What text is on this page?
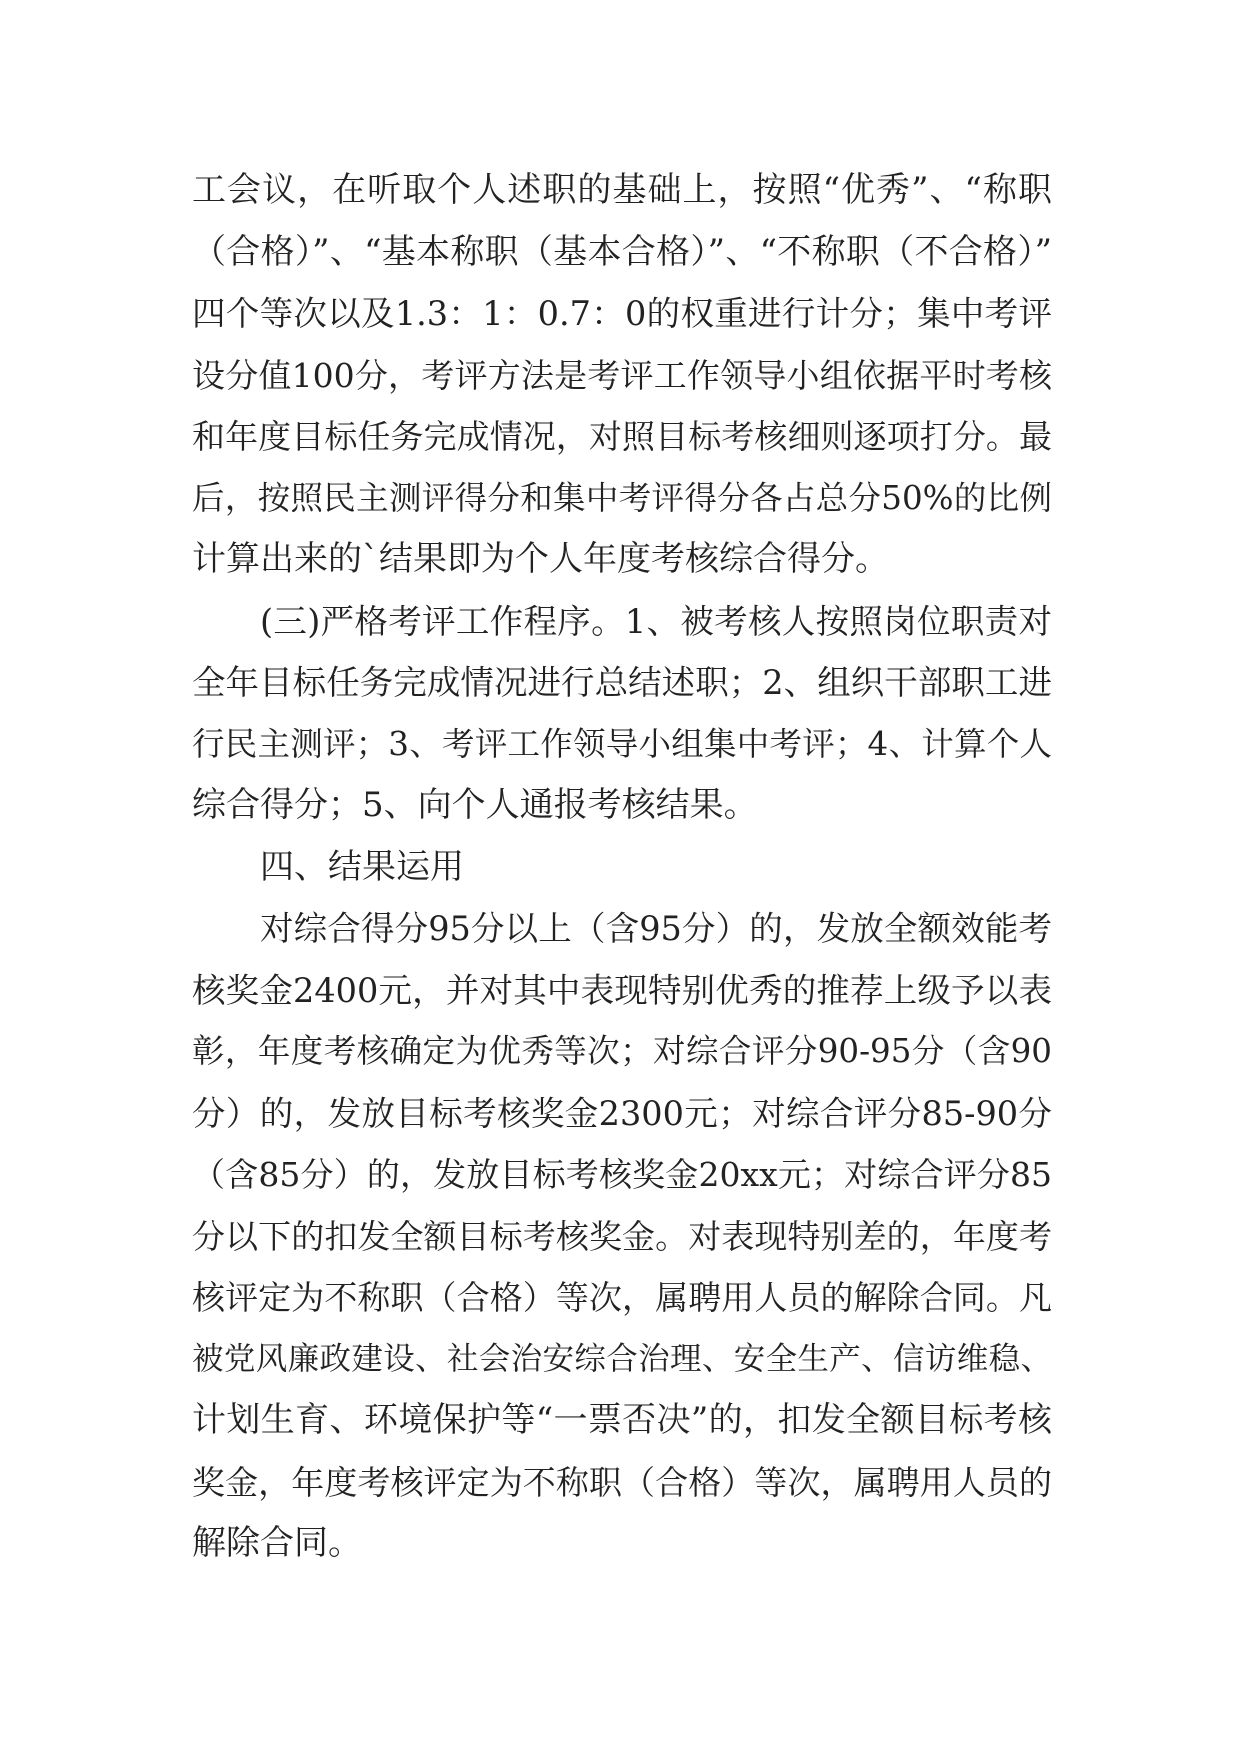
工会议，在听取个人述职的基础上，按照“优秀”、“称职
（合格）”、“基本称职（基本合格）”、“不称职（不合格）”
四个等次以及1.3：1：0.7：0的权重进行计分；集中考评
设分值100分，考评方法是考评工作领导小组依据平时考核
和年度目标任务完成情况，对照目标考核细则逐项打分。最
后，按照民主测评得分和集中考评得分各占总分50%的比例
计算出来的`结果即为个人年度考核综合得分。
(三)严格考评工作程序。1、被考核人按照岗位职责对
全年目标任务完成情况进行总结述职；2、组织干部职工进
行民主测评；3、考评工作领导小组集中考评；4、计算个人
综合得分；5、向个人通报考核结果。
四、结果运用
对综合得分95分以上（含95分）的，发放全额效能考
核奖金2400元，并对其中表现特别优秀的推荐上级予以表
彰，年度考核确定为优秀等次；对综合评分90-95分（含90
分）的，发放目标考核奖金2300元；对综合评分85-90分
（含85分）的，发放目标考核奖金20xx元；对综合评分85
分以下的扣发全额目标考核奖金。对表现特别差的，年度考
核评定为不称职（合格）等次，属聘用人员的解除合同。凡
被党风廉政建设、社会治安综合治理、安全生产、信访维稳、
计划生育、环境保护等“一票否决”的，扣发全额目标考核
奖金，年度考核评定为不称职（合格）等次，属聘用人员的
解除合同。
